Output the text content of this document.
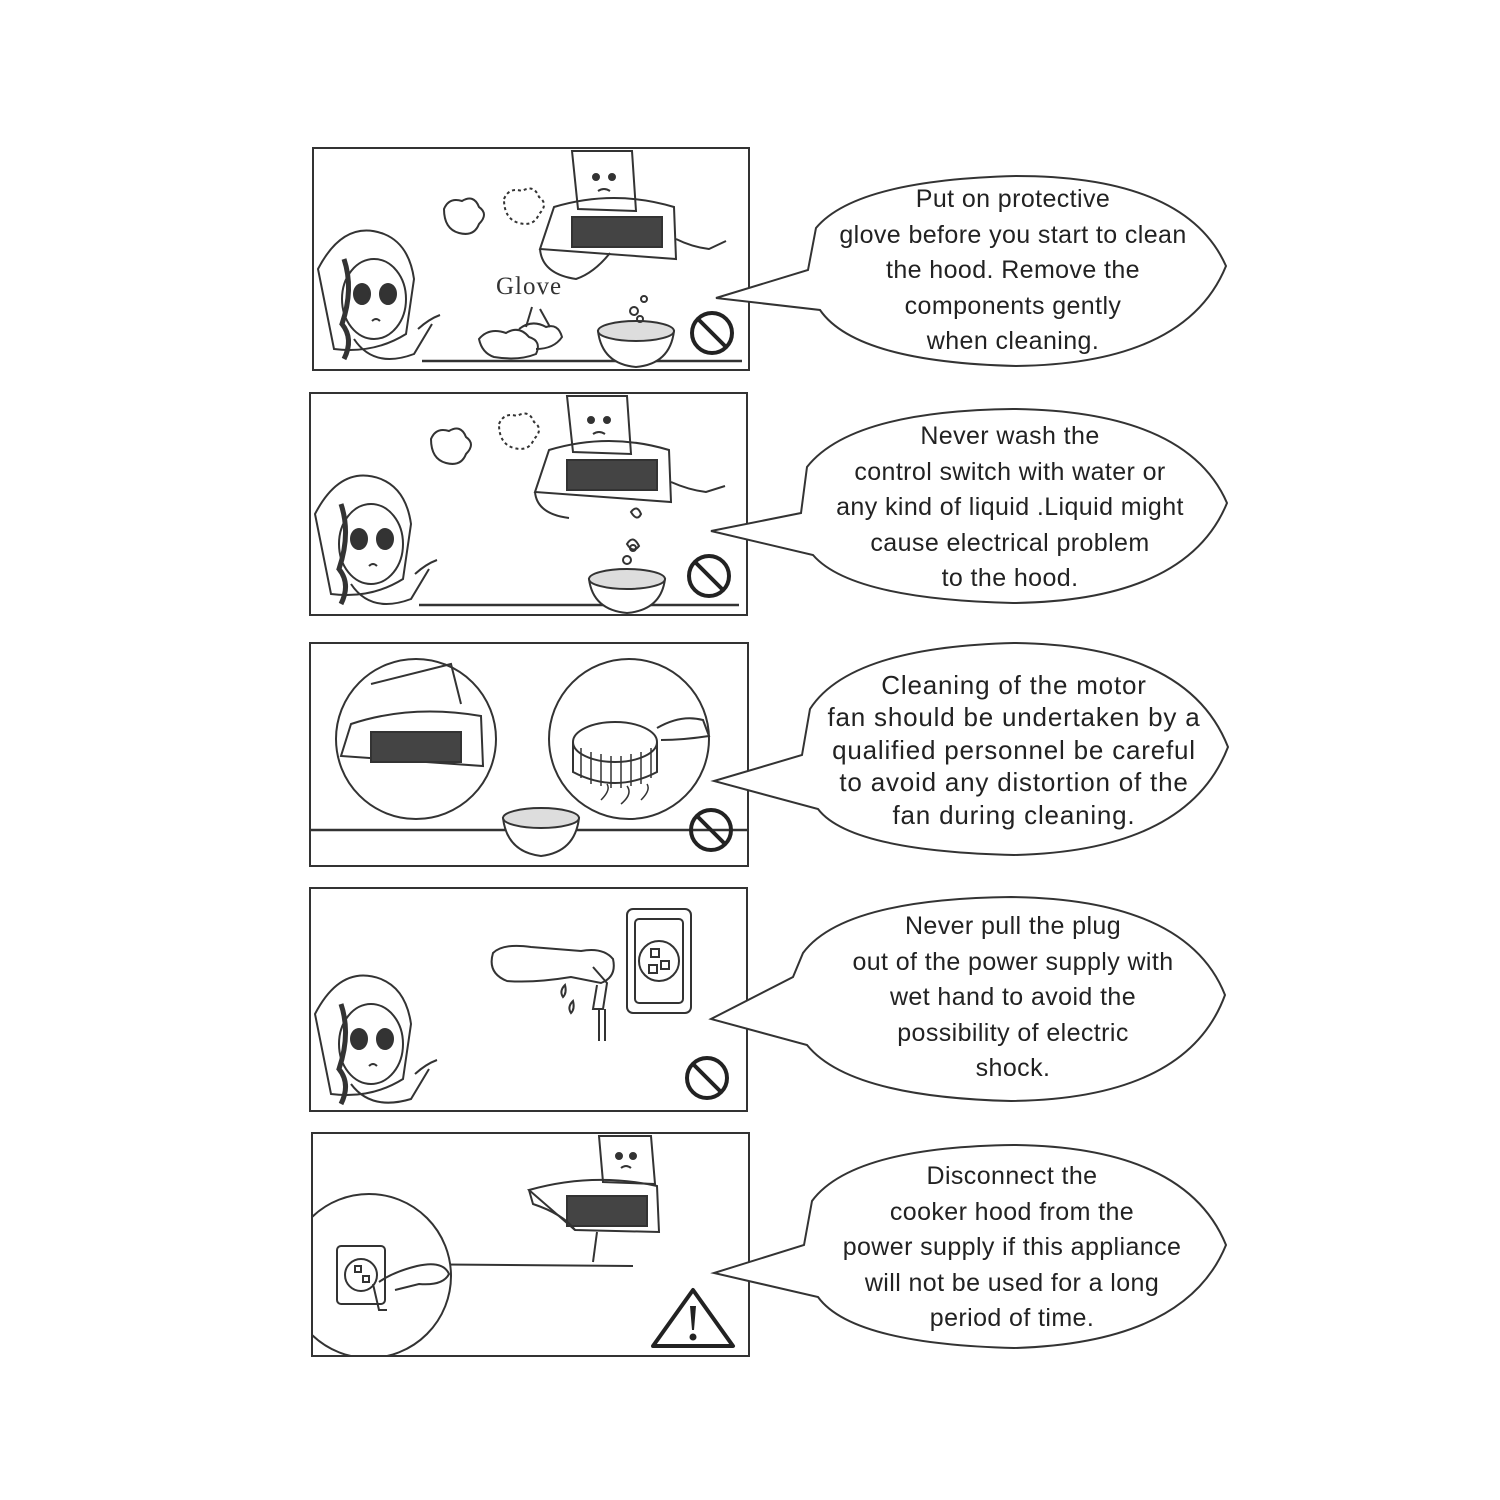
Glove
Put on protective
glove before you start to clean
the hood. Remove the
components gently
when cleaning.
Never wash the
control switch with water or
any kind of liquid .Liquid might
cause electrical problem
to the hood.
Cleaning of the motor
fan should be undertaken by a
qualified personnel be careful
to avoid any distortion of the
fan during cleaning.
Never pull the plug
out of the power supply with
wet hand to avoid the
possibility of electric
shock.
Disconnect the
cooker hood from the
power supply if this appliance
will not be used for a long
period of time.
